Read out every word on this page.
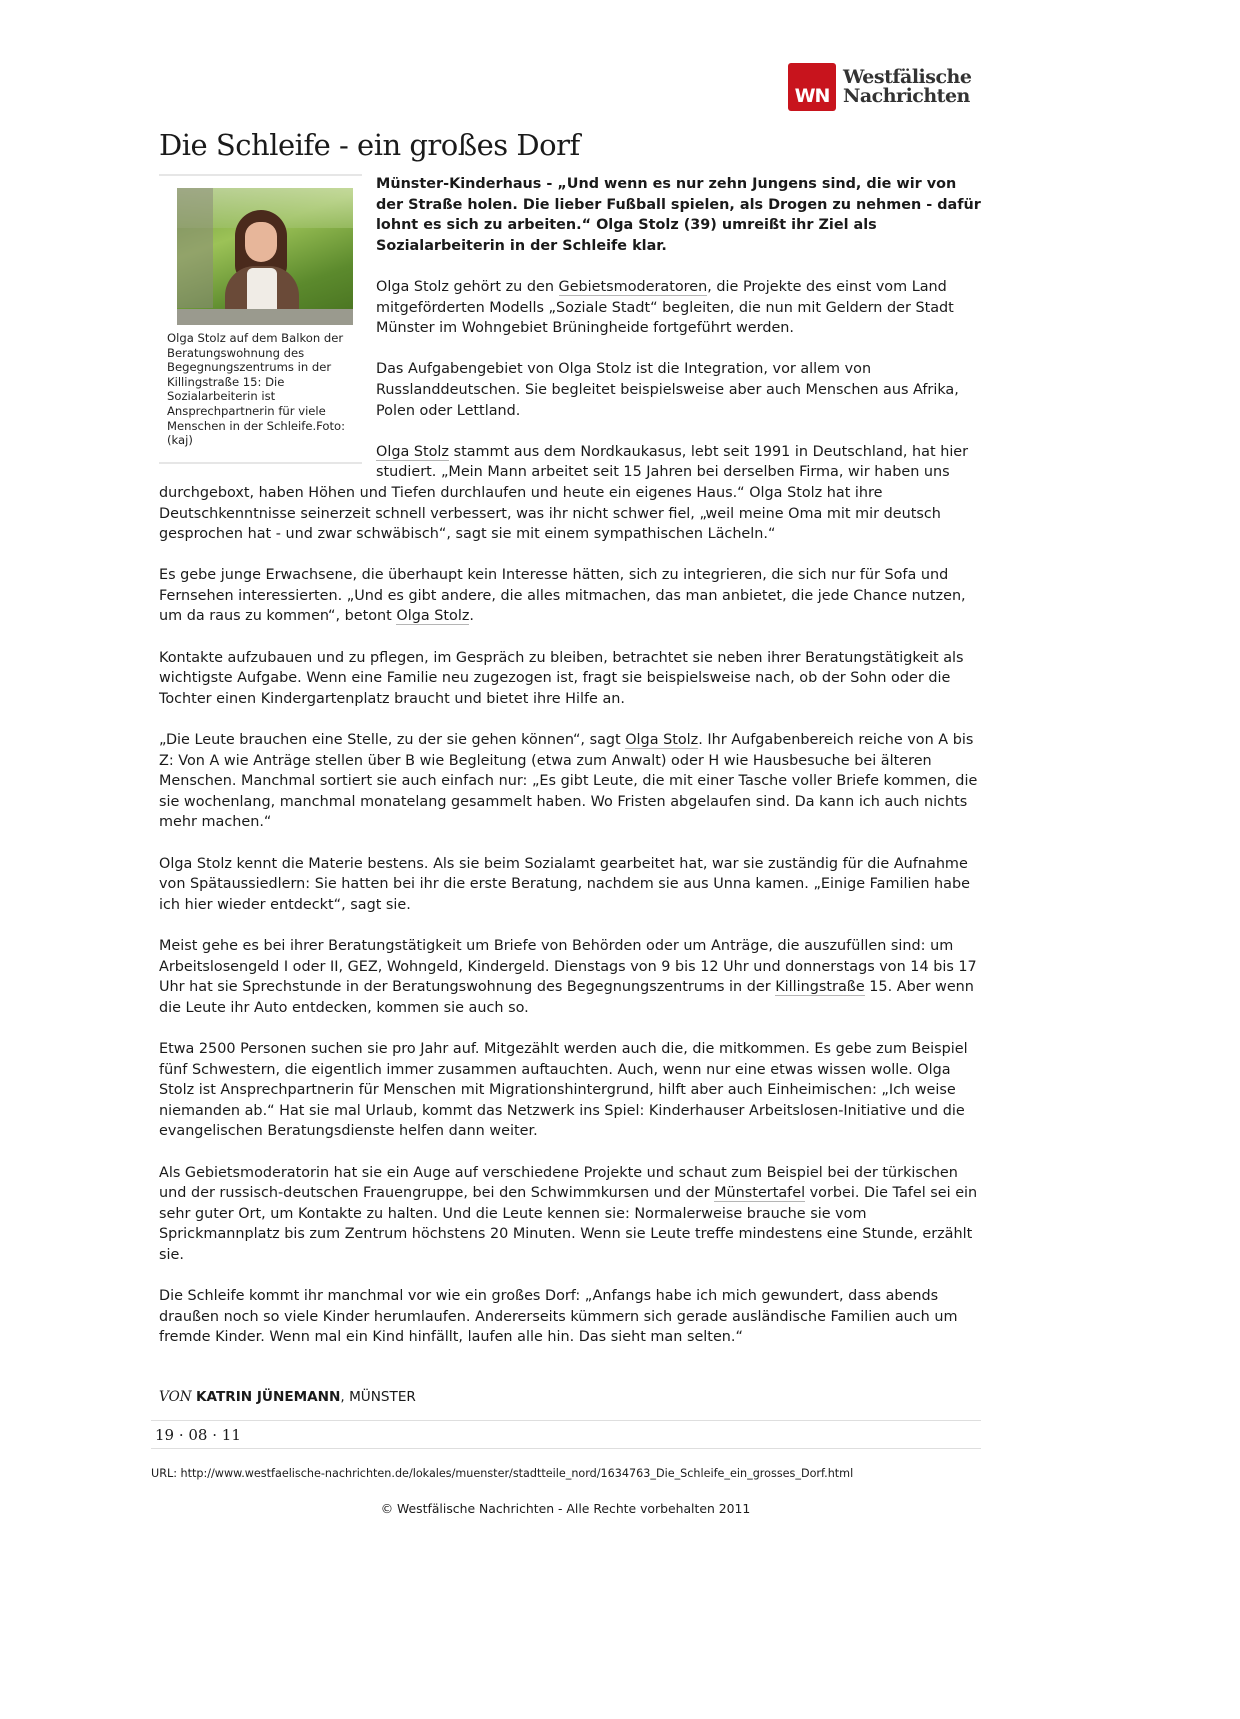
WN
Westfälische
Nachrichten
Die Schleife - ein großes Dorf
Olga Stolz auf dem Balkon der Beratungswohnung des Begegnungszentrums in der Killingstraße 15: Die Sozialarbeiterin ist Ansprechpartnerin für viele Menschen in der Schleife.Foto: (kaj)

Münster-Kinderhaus - „Und wenn es nur zehn Jungens sind, die wir von der Straße holen. Die lieber Fußball spielen, als Drogen zu nehmen - dafür lohnt es sich zu arbeiten.“ Olga Stolz (39) umreißt ihr Ziel als Sozialarbeiterin in der Schleife klar.

Olga Stolz gehört zu den Gebietsmoderatoren, die Projekte des einst vom Land mitgeförderten Modells „Soziale Stadt“ begleiten, die nun mit Geldern der Stadt Münster im Wohngebiet Brüningheide fortgeführt werden.

Das Aufgabengebiet von Olga Stolz ist die Integration, vor allem von Russlanddeutschen. Sie begleitet beispielsweise aber auch Menschen aus Afrika, Polen oder Lettland.

Olga Stolz stammt aus dem Nordkaukasus, lebt seit 1991 in Deutschland, hat hier studiert. „Mein Mann arbeitet seit 15 Jahren bei derselben Firma, wir haben uns durchgeboxt, haben Höhen und Tiefen durchlaufen und heute ein eigenes Haus.“ Olga Stolz hat ihre Deutschkenntnisse seinerzeit schnell verbessert, was ihr nicht schwer fiel, „weil meine Oma mit mir deutsch gesprochen hat - und zwar schwäbisch“, sagt sie mit einem sympathischen Lächeln.“

Es gebe junge Erwachsene, die überhaupt kein Interesse hätten, sich zu integrieren, die sich nur für Sofa und Fernsehen interessierten. „Und es gibt andere, die alles mitmachen, das man anbietet, die jede Chance nutzen, um da raus zu kommen“, betont Olga Stolz.

Kontakte aufzubauen und zu pflegen, im Gespräch zu bleiben, betrachtet sie neben ihrer Beratungstätigkeit als wichtigste Aufgabe. Wenn eine Familie neu zugezogen ist, fragt sie beispielsweise nach, ob der Sohn oder die Tochter einen Kindergartenplatz braucht und bietet ihre Hilfe an.

„Die Leute brauchen eine Stelle, zu der sie gehen können“, sagt Olga Stolz. Ihr Aufgabenbereich reiche von A bis Z: Von A wie Anträge stellen über B wie Begleitung (etwa zum Anwalt) oder H wie Hausbesuche bei älteren Menschen. Manchmal sortiert sie auch einfach nur: „Es gibt Leute, die mit einer Tasche voller Briefe kommen, die sie wochenlang, manchmal monatelang gesammelt haben. Wo Fristen abgelaufen sind. Da kann ich auch nichts mehr machen.“

Olga Stolz kennt die Materie bestens. Als sie beim Sozialamt gearbeitet hat, war sie zuständig für die Aufnahme von Spätaussiedlern: Sie hatten bei ihr die erste Beratung, nachdem sie aus Unna kamen. „Einige Familien habe ich hier wieder entdeckt“, sagt sie.

Meist gehe es bei ihrer Beratungstätigkeit um Briefe von Behörden oder um Anträge, die auszufüllen sind: um Arbeitslosengeld I oder II, GEZ, Wohngeld, Kindergeld. Dienstags von 9 bis 12 Uhr und donnerstags von 14 bis 17 Uhr hat sie Sprechstunde in der Beratungswohnung des Begegnungszentrums in der Killingstraße 15. Aber wenn die Leute ihr Auto entdecken, kommen sie auch so.

Etwa 2500 Personen suchen sie pro Jahr auf. Mitgezählt werden auch die, die mitkommen. Es gebe zum Beispiel fünf Schwestern, die eigentlich immer zusammen auftauchten. Auch, wenn nur eine etwas wissen wolle. Olga Stolz ist Ansprechpartnerin für Menschen mit Migrationshintergrund, hilft aber auch Einheimischen: „Ich weise niemanden ab.“ Hat sie mal Urlaub, kommt das Netzwerk ins Spiel: Kinderhauser Arbeitslosen-Initiative und die evangelischen Beratungsdienste helfen dann weiter.

Als Gebietsmoderatorin hat sie ein Auge auf verschiedene Projekte und schaut zum Beispiel bei der türkischen und der russisch-deutschen Frauengruppe, bei den Schwimmkursen und der Münstertafel vorbei. Die Tafel sei ein sehr guter Ort, um Kontakte zu halten. Und die Leute kennen sie: Normalerweise brauche sie vom Sprickmannplatz bis zum Zentrum höchstens 20 Minuten. Wenn sie Leute treffe mindestens eine Stunde, erzählt sie.

Die Schleife kommt ihr manchmal vor wie ein großes Dorf: „Anfangs habe ich mich gewundert, dass abends draußen noch so viele Kinder herumlaufen. Andererseits kümmern sich gerade ausländische Familien auch um fremde Kinder. Wenn mal ein Kind hinfällt, laufen alle hin. Das sieht man selten.“

VON KATRIN JÜNEMANN, MÜNSTER
19 · 08 · 11
URL: http://www.westfaelische-nachrichten.de/lokales/muenster/stadtteile_nord/1634763_Die_Schleife_ein_grosses_Dorf.html
© Westfälische Nachrichten - Alle Rechte vorbehalten 2011
